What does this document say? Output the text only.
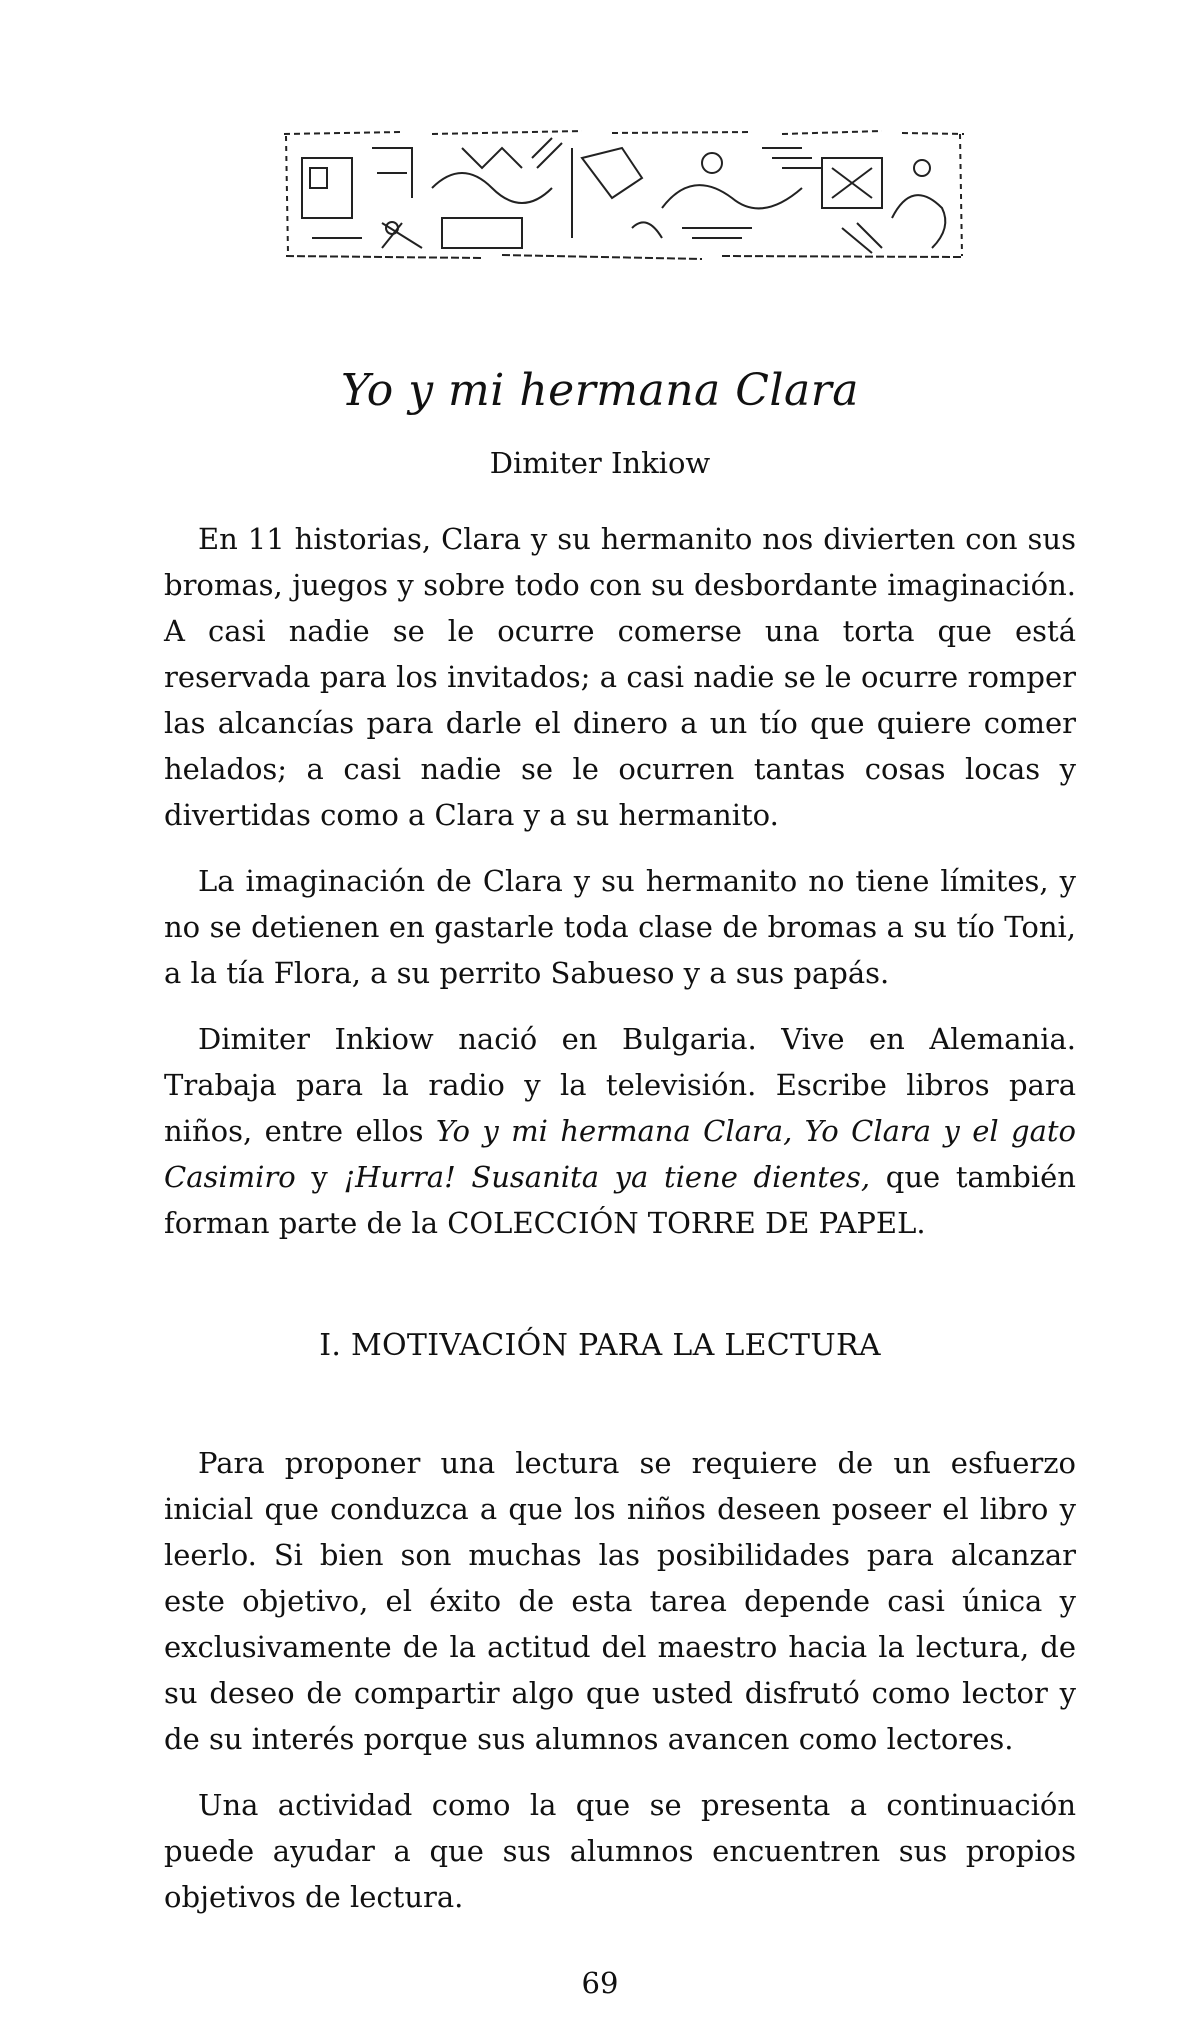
Yo y mi hermana Clara
Dimiter Inkiow

En 11 historias, Clara y su hermanito nos divierten con sus bromas, juegos y sobre todo con su desbordante imaginación. A casi nadie se le ocurre comerse una torta que está reservada para los invitados; a casi nadie se le ocurre romper las alcancías para darle el dinero a un tío que quiere comer helados; a casi nadie se le ocurren tantas cosas locas y divertidas como a Clara y a su hermanito.

La imaginación de Clara y su hermanito no tiene límites, y no se detienen en gastarle toda clase de bromas a su tío Toni, a la tía Flora, a su perrito Sabueso y a sus papás.

Dimiter Inkiow nació en Bulgaria. Vive en Alemania. Trabaja para la radio y la televisión. Escribe libros para niños, entre ellos Yo y mi hermana Clara, Yo Clara y el gato Casimiro y ¡Hurra! Susanita ya tiene dientes, que también forman parte de la COLECCIÓN TORRE DE PAPEL.

I. MOTIVACIÓN PARA LA LECTURA

Para proponer una lectura se requiere de un esfuerzo inicial que conduzca a que los niños deseen poseer el libro y leerlo. Si bien son muchas las posibilidades para alcanzar este objetivo, el éxito de esta tarea depende casi única y exclusivamente de la actitud del maestro hacia la lectura, de su deseo de compartir algo que usted disfrutó como lector y de su interés porque sus alumnos avancen como lectores.

Una actividad como la que se presenta a continuación puede ayudar a que sus alumnos encuentren sus propios objetivos de lectura.

69
